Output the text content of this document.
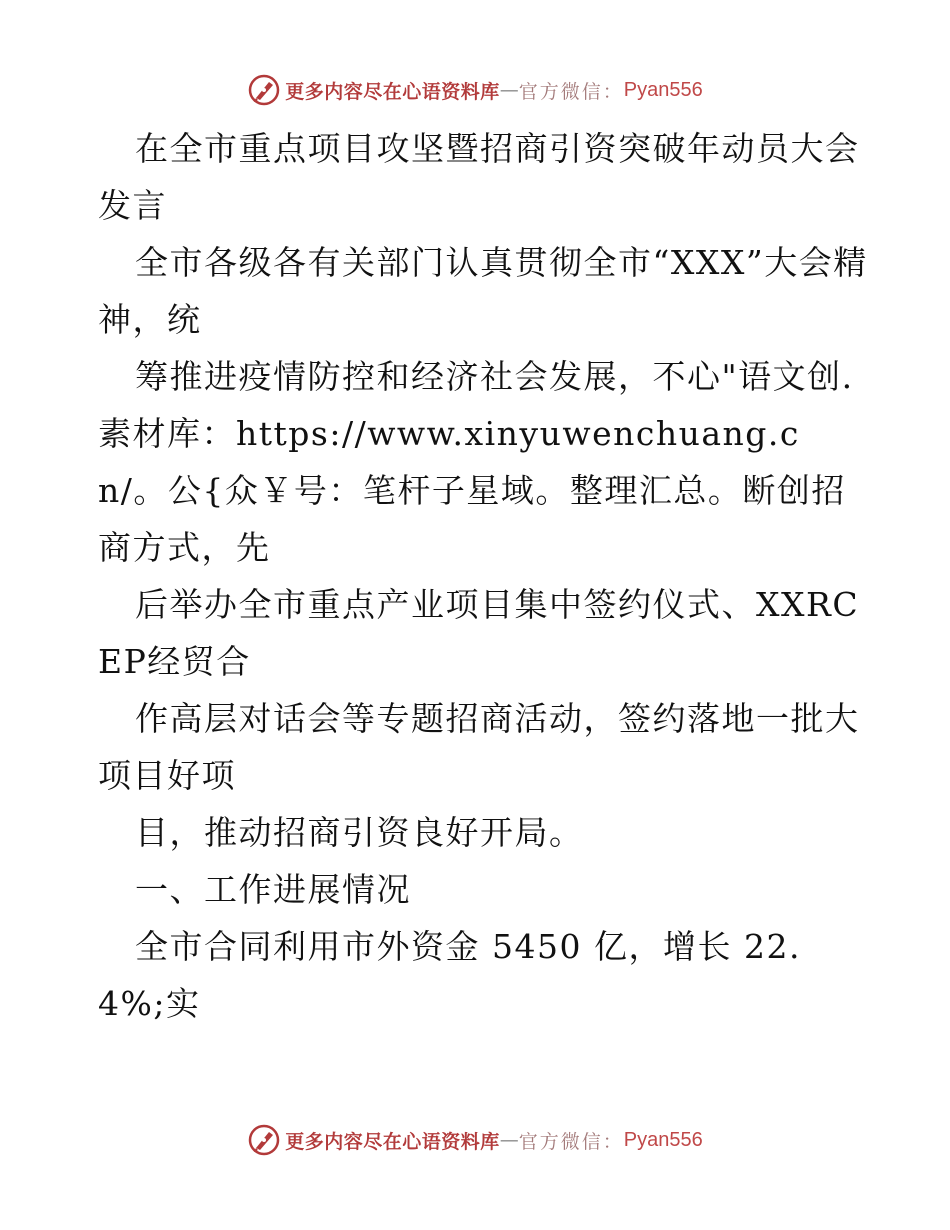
更多内容尽在心语资料库 — 官方微信： Pyan556

在全市重点项目攻坚暨招商引资突破年动员大会发言

全市各级各有关部门认真贯彻全市“XXX”大会精神，统

筹推进疫情防控和经济社会发展，不心"语文创.素材库：https://www.xinyuwenchuang.cn/。公{众￥号：笔杆子星域。整理汇总。断创招商方式，先

后举办全市重点产业项目集中签约仪式、XXRCEP经贸合

作高层对话会等专题招商活动，签约落地一批大项目好项

目，推动招商引资良好开局。

一、工作进展情况

全市合同利用市外资金 5450 亿，增长 22.4%;实

更多内容尽在心语资料库 — 官方微信： Pyan556
